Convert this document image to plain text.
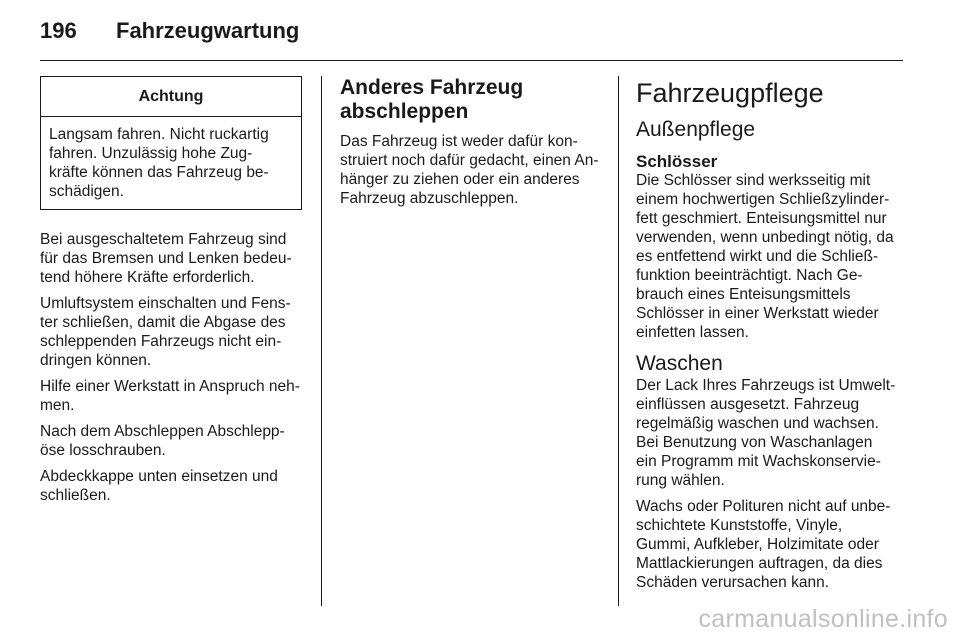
196 Fahrzeugwartung
Achtung

Langsam fahren. Nicht ruckartig
fahren. Unzulässig hohe Zug-
kräfte können das Fahrzeug be-
schädigen.

Bei ausgeschaltetem Fahrzeug sind
für das Bremsen und Lenken bedeu-
tend höhere Kräfte erforderlich.

Umluftsystem einschalten und Fens-
ter schließen, damit die Abgase des
schleppenden Fahrzeugs nicht ein-
dringen können.

Hilfe einer Werkstatt in Anspruch neh-
men.

Nach dem Abschleppen Abschlepp-
öse losschrauben.

Abdeckkappe unten einsetzen und
schließen.

Anderes Fahrzeug
abschleppen

Das Fahrzeug ist weder dafür kon-
struiert noch dafür gedacht, einen An-
hänger zu ziehen oder ein anderes
Fahrzeug abzuschleppen.

Fahrzeugpflege
Außenpflege
Schlösser

Die Schlösser sind werksseitig mit
einem hochwertigen Schließzylinder-
fett geschmiert. Enteisungsmittel nur
verwenden, wenn unbedingt nötig, da
es entfettend wirkt und die Schließ-
funktion beeinträchtigt. Nach Ge-
brauch eines Enteisungsmittels
Schlösser in einer Werkstatt wieder
einfetten lassen.

Waschen

Der Lack Ihres Fahrzeugs ist Umwelt-
einflüssen ausgesetzt. Fahrzeug
regelmäßig waschen und wachsen.
Bei Benutzung von Waschanlagen
ein Programm mit Wachskonservie-
rung wählen.

Wachs oder Polituren nicht auf unbe-
schichtete Kunststoffe, Vinyle,
Gummi, Aufkleber, Holzimitate oder
Mattlackierungen auftragen, da dies
Schäden verursachen kann.

carmanualsonline.info
